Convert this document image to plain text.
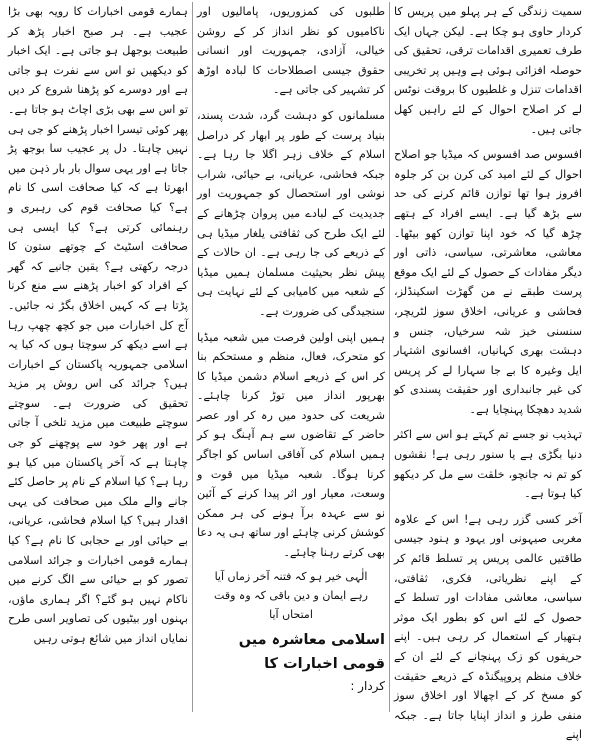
سمیت زندگی کے ہر پہلو میں پریس کا کردار حاوی ہو چکا ہے۔ لیکن جہاں ایک طرف تعمیری اقدامات ترقی، تحقیق کی حوصلہ افزائی ہوئی ہے وہیں پر تخریبی اقدامات تنزل و غلطیوں کا بروقت نوٹس لے کر اصلاح احوال کے لئے راہیں کھل جاتی ہیں۔

افسوس صد افسوس کہ میڈیا جو اصلاح احوال کے لئے امید کی کرن بن کر جلوہ افروز ہوا تھا توازن قائم کرنے کی حد سے بڑھ گیا ہے۔ ایسے افراد کے ہتھے چڑھ گیا کہ خود اپنا توازن کھو بیٹھا۔ معاشی، معاشرتی، سیاسی، ذاتی اور دیگر مفادات کے حصول کے لئے ایک موقع پرست طبقے نے من گھڑت اسکینڈلز، فحاشی و عریانی، اخلاق سوز لٹریچر، سنسنی خیز شہ سرخیاں، جنس و دہشت بھری کہانیاں، افسانوی اشتہار ایل وغیرہ کا بے جا سہارا لے کر پریس کی غیر جانبداری اور حقیقت پسندی کو شدید دھچکا پہنچایا ہے۔

تہذیب نو جسے تم کہتے ہو اس سے اکثر دنیا بگڑی ہے یا سنور رہی ہے! نقشوں کو تم نہ جانچو، خلقت سے مل کر دیکھو کیا ہوتا ہے۔

آخر کسی گزر رہی ہے! اس کے علاوہ مغربی صیہونی اور یہود و ہنود جیسی طاقتیں عالمی پریس پر تسلط قائم کر کے اپنے نظریاتی، فکری، ثقافتی، سیاسی، معاشی مفادات اور تسلط کے حصول کے لئے اس کو بطور ایک موثر ہتھیار کے استعمال کر رہی ہیں۔ اپنے حریفوں کو زک پہنچانے کے لئے ان کے خلاف منظم پروپیگنڈہ کے ذریعے حقیقت کو مسخ کر کے اچھالا اور اخلاق سوز منفی طرز و انداز اپنایا جاتا ہے۔ جبکہ اپنے

طلبوں کی کمزوریوں، پامالیوں اور ناکامیوں کو نظر انداز کر کے روشن خیالی، آزادی، جمہوریت اور انسانی حقوق جیسی اصطلاحات کا لبادہ اوڑھ کر تشہیر کی جاتی ہے۔

مسلمانوں کو دہشت گرد، شدت پسند، بنیاد پرست کے طور پر ابھار کر دراصل اسلام کے خلاف زہر اگلا جا رہا ہے۔ جبکہ فحاشی، عریانی، بے حیائی، شراب نوشی اور استحصال کو جمہوریت اور جدیدیت کے لبادے میں پروان چڑھانے کے لئے ایک طرح کی ثقافتی یلغار میڈیا ہی کے ذریعے کی جا رہی ہے۔ ان حالات کے پیش نظر بحیثیت مسلمان ہمیں میڈیا کے شعبہ میں کامیابی کے لئے نہایت ہی سنجیدگی کی ضرورت ہے۔

ہمیں اپنی اولین فرصت میں شعبہ میڈیا کو متحرک، فعال، منظم و مستحکم بنا کر اس کے ذریعے اسلام دشمن میڈیا کا بھرپور انداز میں توڑ کرنا چاہئے۔ شریعت کی حدود میں رہ کر اور عصر حاضر کے تقاضوں سے ہم آہنگ ہو کر ہمیں اسلام کی آفاقی اساس کو اجاگر کرنا ہوگا۔ شعبہ میڈیا میں قوت و وسعت، معیار اور اثر پیدا کرنے کے آئین نو سے عہدہ برآ ہونے کی ہر ممکن کوشش کرنی چاہئے اور ساتھ ہی یہ دعا بھی کرتے رہنا چاہئے۔

الٰہی خیر ہو کہ فتنہ آخر زماں آیا
رہے ایمان و دین باقی کہ وہ وقت امتحاں آیا
اسلامی معاشرہ میں قومی اخبارات کا
کردار :

ہمارے قومی اخبارات کا رویہ بھی بڑا عجیب ہے۔ ہر صبح اخبار پڑھ کر طبیعت بوجھل ہو جاتی ہے۔ ایک اخبار کو دیکھیں تو اس سے نفرت ہو جاتی ہے اور دوسرے کو پڑھنا شروع کر دیں تو اس سے بھی بڑی اچاٹ ہو جاتا ہے۔ پھر کوئی تیسرا اخبار پڑھنے کو جی ہی نہیں چاہتا۔ دل پر عجیب سا بوجھ پڑ جاتا ہے اور یہی سوال بار بار ذہن میں ابھرتا ہے کہ کیا صحافت اسی کا نام ہے؟ کیا صحافت قوم کی رہبری و رہنمائی کرتی ہے؟ کیا ایسی ہی صحافت اسٹیٹ کے چوتھے ستون کا درجہ رکھتی ہے؟ یقین جانیے کہ گھر کے افراد کو اخبار پڑھنے سے منع کرنا پڑتا ہے کہ کہیں اخلاق بگڑ نہ جائیں۔ آج کل اخبارات میں جو کچھ چھپ رہا ہے اسے دیکھ کر سوچتا ہوں کہ کیا یہ اسلامی جمہوریہ پاکستان کے اخبارات ہیں؟ جرائد کی اس روش پر مزید تحقیق کی ضرورت ہے۔ سوچتے سوچتے طبیعت میں مزید تلخی آ جاتی ہے اور پھر خود سے پوچھنے کو جی چاہتا ہے کہ آخر پاکستان میں کیا ہو رہا ہے؟ کیا اسلام کے نام پر حاصل کئے جانے والے ملک میں صحافت کی یہی اقدار ہیں؟ کیا اسلام فحاشی، عریانی، بے حیائی اور بے حجابی کا نام ہے؟ کیا ہمارے قومی اخبارات و جرائد اسلامی تصور کو بے حیائی سے الگ کرنے میں ناکام نہیں ہو گئے؟ اگر ہماری ماؤں، بہنوں اور بیٹیوں کی تصاویر اسی طرح نمایاں انداز میں شائع ہوتی رہیں
